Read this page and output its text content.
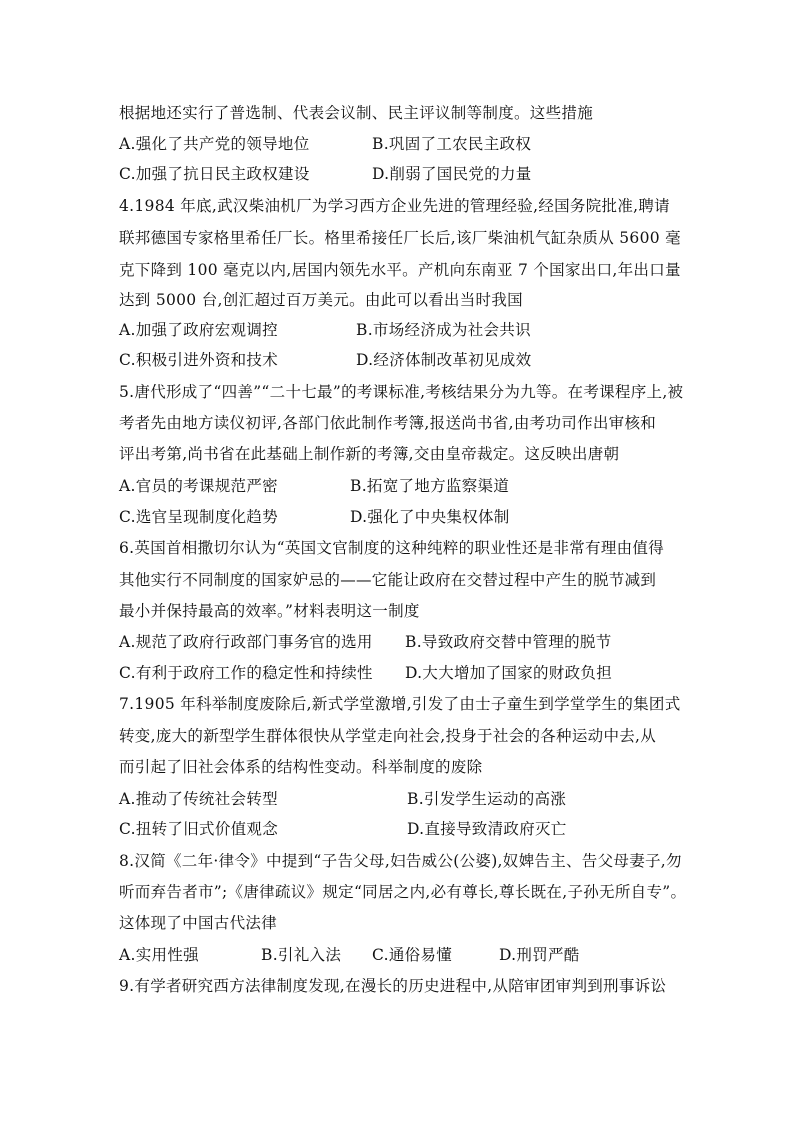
根据地还实行了普选制、代表会议制、民主评议制等制度。这些措施
A.强化了共产党的领导地位	B.巩固了工农民主政权
C.加强了抗日民主政权建设	D.削弱了国民党的力量
4.1984 年底,武汉柴油机厂为学习西方企业先进的管理经验,经国务院批准,聘请
联邦德国专家格里希任厂长。格里希接任厂长后,该厂柴油机气缸杂质从 5600 毫
克下降到 100 毫克以内,居国内领先水平。产机向东南亚 7 个国家出口,年出口量
达到 5000 台,创汇超过百万美元。由此可以看出当时我国
A.加强了政府宏观调控	B.市场经济成为社会共识
C.积极引进外资和技术	D.经济体制改革初见成效
5.唐代形成了“四善”“二十七最”的考课标准,考核结果分为九等。在考课程序上,被
考者先由地方读仪初评,各部门依此制作考簿,报送尚书省,由考功司作出审核和
评出考第,尚书省在此基础上制作新的考簿,交由皇帝裁定。这反映出唐朝
A.官员的考课规范严密	B.拓宽了地方监察渠道
C.选官呈现制度化趋势	D.强化了中央集权体制
6.英国首相撒切尔认为“英国文官制度的这种纯粹的职业性还是非常有理由值得
其他实行不同制度的国家妒忌的——它能让政府在交替过程中产生的脱节减到
最小并保持最高的效率。”材料表明这一制度
A.规范了政府行政部门事务官的选用 B.导致政府交替中管理的脱节
C.有利于政府工作的稳定性和持续性 D.大大增加了国家的财政负担
7.1905 年科举制度废除后,新式学堂激增,引发了由士子童生到学堂学生的集团式
转变,庞大的新型学生群体很快从学堂走向社会,投身于社会的各种运动中去,从
而引起了旧社会体系的结构性变动。科举制度的废除
A.推动了传统社会转型	B.引发学生运动的高涨
C.扭转了旧式价值观念	D.直接导致清政府灭亡
8.汉简《二年·律令》中提到“子告父母,妇告威公(公婆),奴婢告主、告父母妻子,勿
听而弃告者市”;《唐律疏议》规定“同居之内,必有尊长,尊长既在,子孙无所自专”。
这体现了中国古代法律
A.实用性强	B.引礼入法 C.通俗易懂	D.刑罚严酷
9.有学者研究西方法律制度发现,在漫长的历史进程中,从陪审团审判到刑事诉讼
